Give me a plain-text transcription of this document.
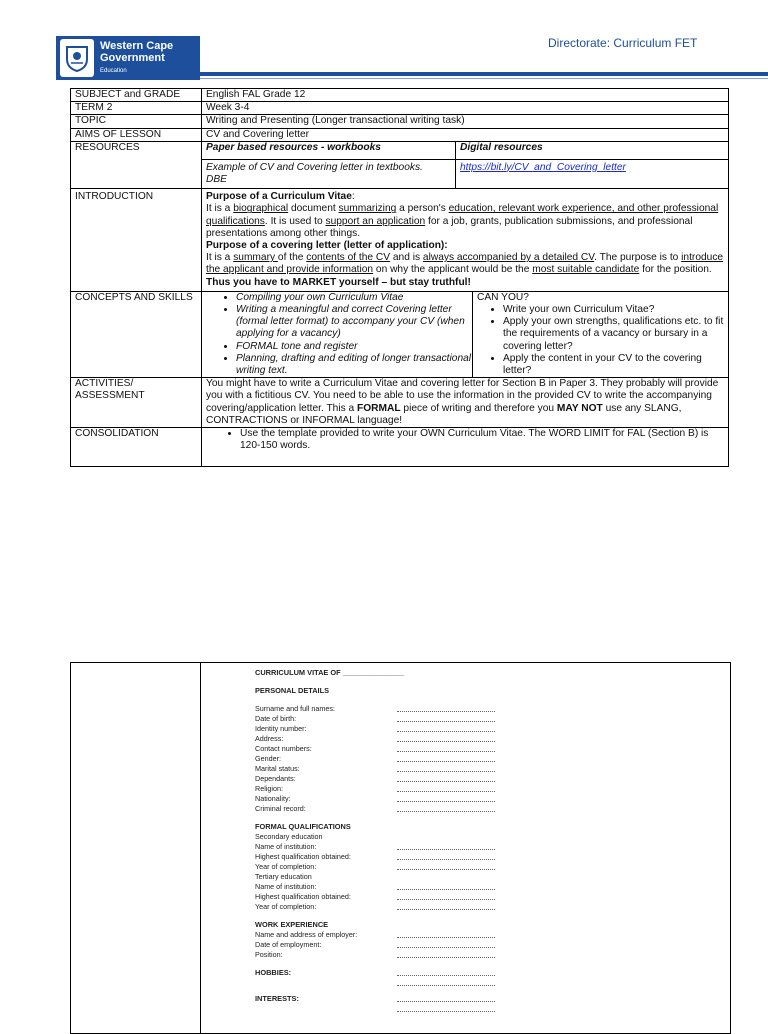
Western Cape
Government
Education
Directorate: Curriculum FET
SUBJECT and GRADE	English FAL Grade 12
TERM 2	Week 3-4
TOPIC	Writing and Presenting (Longer transactional writing task)
AIMS OF LESSON	CV and Covering letter
RESOURCES		Paper based resources - workbooks	Digital resources
Example of CV and Covering letter in textbooks.
DBE	https://bit.ly/CV_and_Covering_letter

INTRODUCTION	Purpose of a Curriculum Vitae:

It is a biographical document summarizing a person's education, relevant work experience, and other professional qualifications. It is used to support an application for a job, grants, publication submissions, and professional presentations among other things.

Purpose of a covering letter (letter of application):

It is a summary of the contents of the CV and is always accompanied by a detailed CV. The purpose is to introduce the applicant and provide information on why the applicant would be the most suitable candidate for the position. Thus you have to MARKET yourself – but stay truthful!

CONCEPTS AND SKILLS	
•	Compiling your own Curriculum Vitae
• Writing a meaningful and correct Covering letter (formal letter format) to accompany your CV (when applying for a vacancy)
• FORMAL tone and register
• Planning, drafting and editing of longer transactional writing text.

CAN YOU?
• Write your own Curriculum Vitae?
• Apply your own strengths, qualifications etc. to fit the requirements of a vacancy or bursary in a covering letter?
• Apply the content in your CV to the covering letter?

ACTIVITIES/ ASSESSMENT	You might have to write a Curriculum Vitae and covering letter for Section B in Paper 3. They probably will provide you with a fictitious CV. You need to be able to use the information in the provided CV to write the accompanying covering/application letter. This a FORMAL piece of writing and therefore you MAY NOT use any SLANG, CONTRACTIONS or INFORMAL language!
CONSOLIDATION	
•Use the template provided to write your OWN Curriculum Vitae. The WORD LIMIT for FAL (Section B) is 120-150 words.
CURRICULUM VITAE OF _______________
PERSONAL DETAILS
Surname and full names:
Date of birth:
Identity number:
Address:
Contact numbers:
Gender:
Marital status:
Dependants:
Religion:
Nationality:
Criminal record:
FORMAL QUALIFICATIONS
Secondary education
Name of institution:
Highest qualification obtained:
Year of completion:
Tertiary education
Name of institution:
Highest qualification obtained:
Year of completion:
WORK EXPERIENCE
Name and address of employer:
Date of employment:
Position:
HOBBIES:
INTERESTS:
